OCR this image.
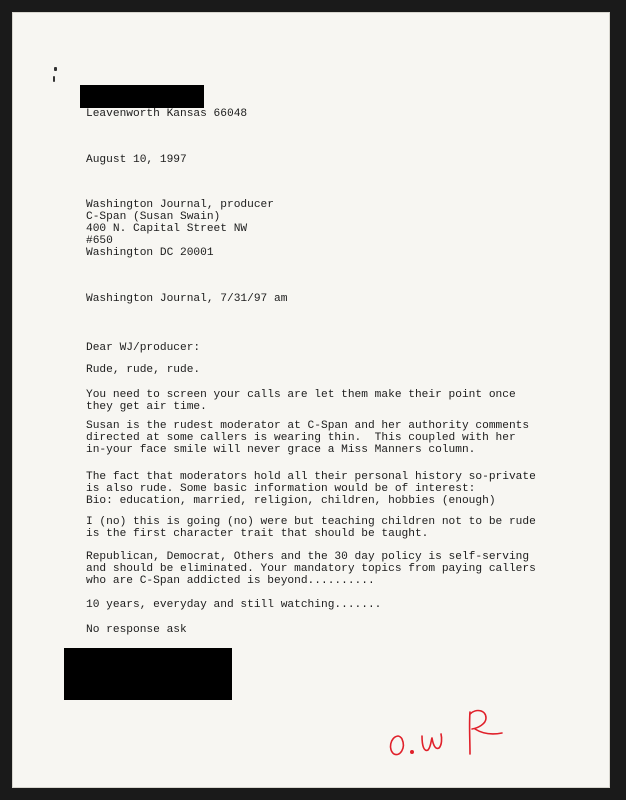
Leavenworth Kansas 66048
August 10, 1997
Washington Journal, producer
C-Span (Susan Swain)
400 N. Capital Street NW
#650
Washington DC 20001
Washington Journal, 7/31/97 am
Dear WJ/producer:
Rude, rude, rude.
You need to screen your calls are let them make their point once
they get air time.
Susan is the rudest moderator at C-Span and her authority comments
directed at some callers is wearing thin.  This coupled with her
in-your face smile will never grace a Miss Manners column.
The fact that moderators hold all their personal history so-private
is also rude. Some basic information would be of interest:
Bio: education, married, religion, children, hobbies (enough)
I (no) this is going (no) were but teaching children not to be rude
is the first character trait that should be taught.
Republican, Democrat, Others and the 30 day policy is self-serving
and should be eliminated. Your mandatory topics from paying callers
who are C-Span addicted is beyond..........
10 years, everyday and still watching.......
No response ask
